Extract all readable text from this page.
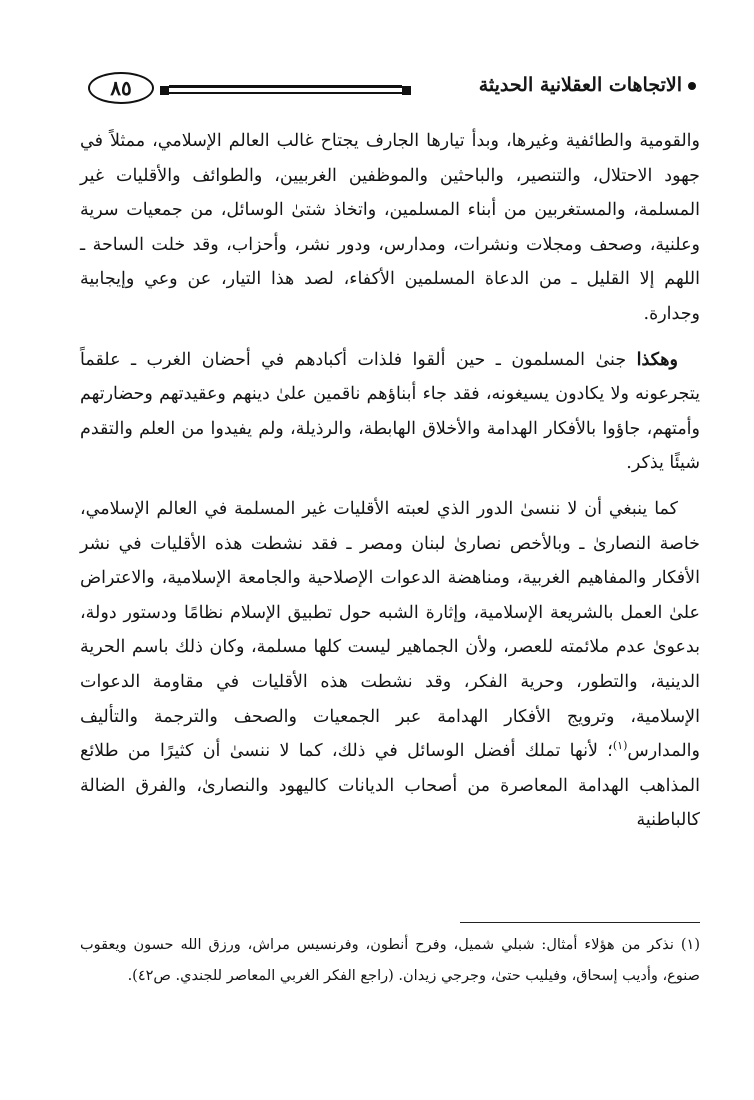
الاتجاهات العقلانية الحديثة
٨٥

والقومية والطائفية وغيرها، وبدأ تيارها الجارف يجتاح غالب العالم الإسلامي، ممثلاً في جهود الاحتلال، والتنصير، والباحثين والموظفين الغربيين، والطوائف والأقليات غير المسلمة، والمستغربين من أبناء المسلمين، واتخاذ شتىٰ الوسائل، من جمعيات سرية وعلنية، وصحف ومجلات ونشرات، ومدارس، ودور نشر، وأحزاب، وقد خلت الساحة ـ اللهم إلا القليل ـ من الدعاة المسلمين الأكفاء، لصد هذا التيار، عن وعي وإيجابية وجدارة.

وهكذا جنىٰ المسلمون ـ حين ألقوا فلذات أكبادهم في أحضان الغرب ـ علقماً يتجرعونه ولا يكادون يسيغونه، فقد جاء أبناؤهم ناقمين علىٰ دينهم وعقيدتهم وحضارتهم وأمتهم، جاؤوا بالأفكار الهدامة والأخلاق الهابطة، والرذيلة، ولم يفيدوا من العلم والتقدم شيئًا يذكر.

كما ينبغي أن لا ننسىٰ الدور الذي لعبته الأقليات غير المسلمة في العالم الإسلامي، خاصة النصارىٰ ـ وبالأخص نصارىٰ لبنان ومصر ـ فقد نشطت هذه الأقليات في نشر الأفكار والمفاهيم الغربية، ومناهضة الدعوات الإصلاحية والجامعة الإسلامية، والاعتراض علىٰ العمل بالشريعة الإسلامية، وإثارة الشبه حول تطبيق الإسلام نظامًا ودستور دولة، بدعوىٰ عدم ملائمته للعصر، ولأن الجماهير ليست كلها مسلمة، وكان ذلك باسم الحرية الدينية، والتطور، وحرية الفكر، وقد نشطت هذه الأقليات في مقاومة الدعوات الإسلامية، وترويج الأفكار الهدامة عبر الجمعيات والصحف والترجمة والتأليف والمدارس$^{(١)}$؛ لأنها تملك أفضل الوسائل في ذلك، كما لا ننسىٰ أن كثيرًا من طلائع المذاهب الهدامة المعاصرة من أصحاب الديانات كاليهود والنصارىٰ، والفرق الضالة كالباطنية

(١) نذكر من هؤلاء أمثال: شبلي شميل، وفرح أنطون، وفرنسيس مراش، ورزق الله حسون ويعقوب صنوع، وأديب إسحاق، وفيليب حتىٰ، وجرجي زيدان. (راجع الفكر الغربي المعاصر للجندي. ص٤٢).
